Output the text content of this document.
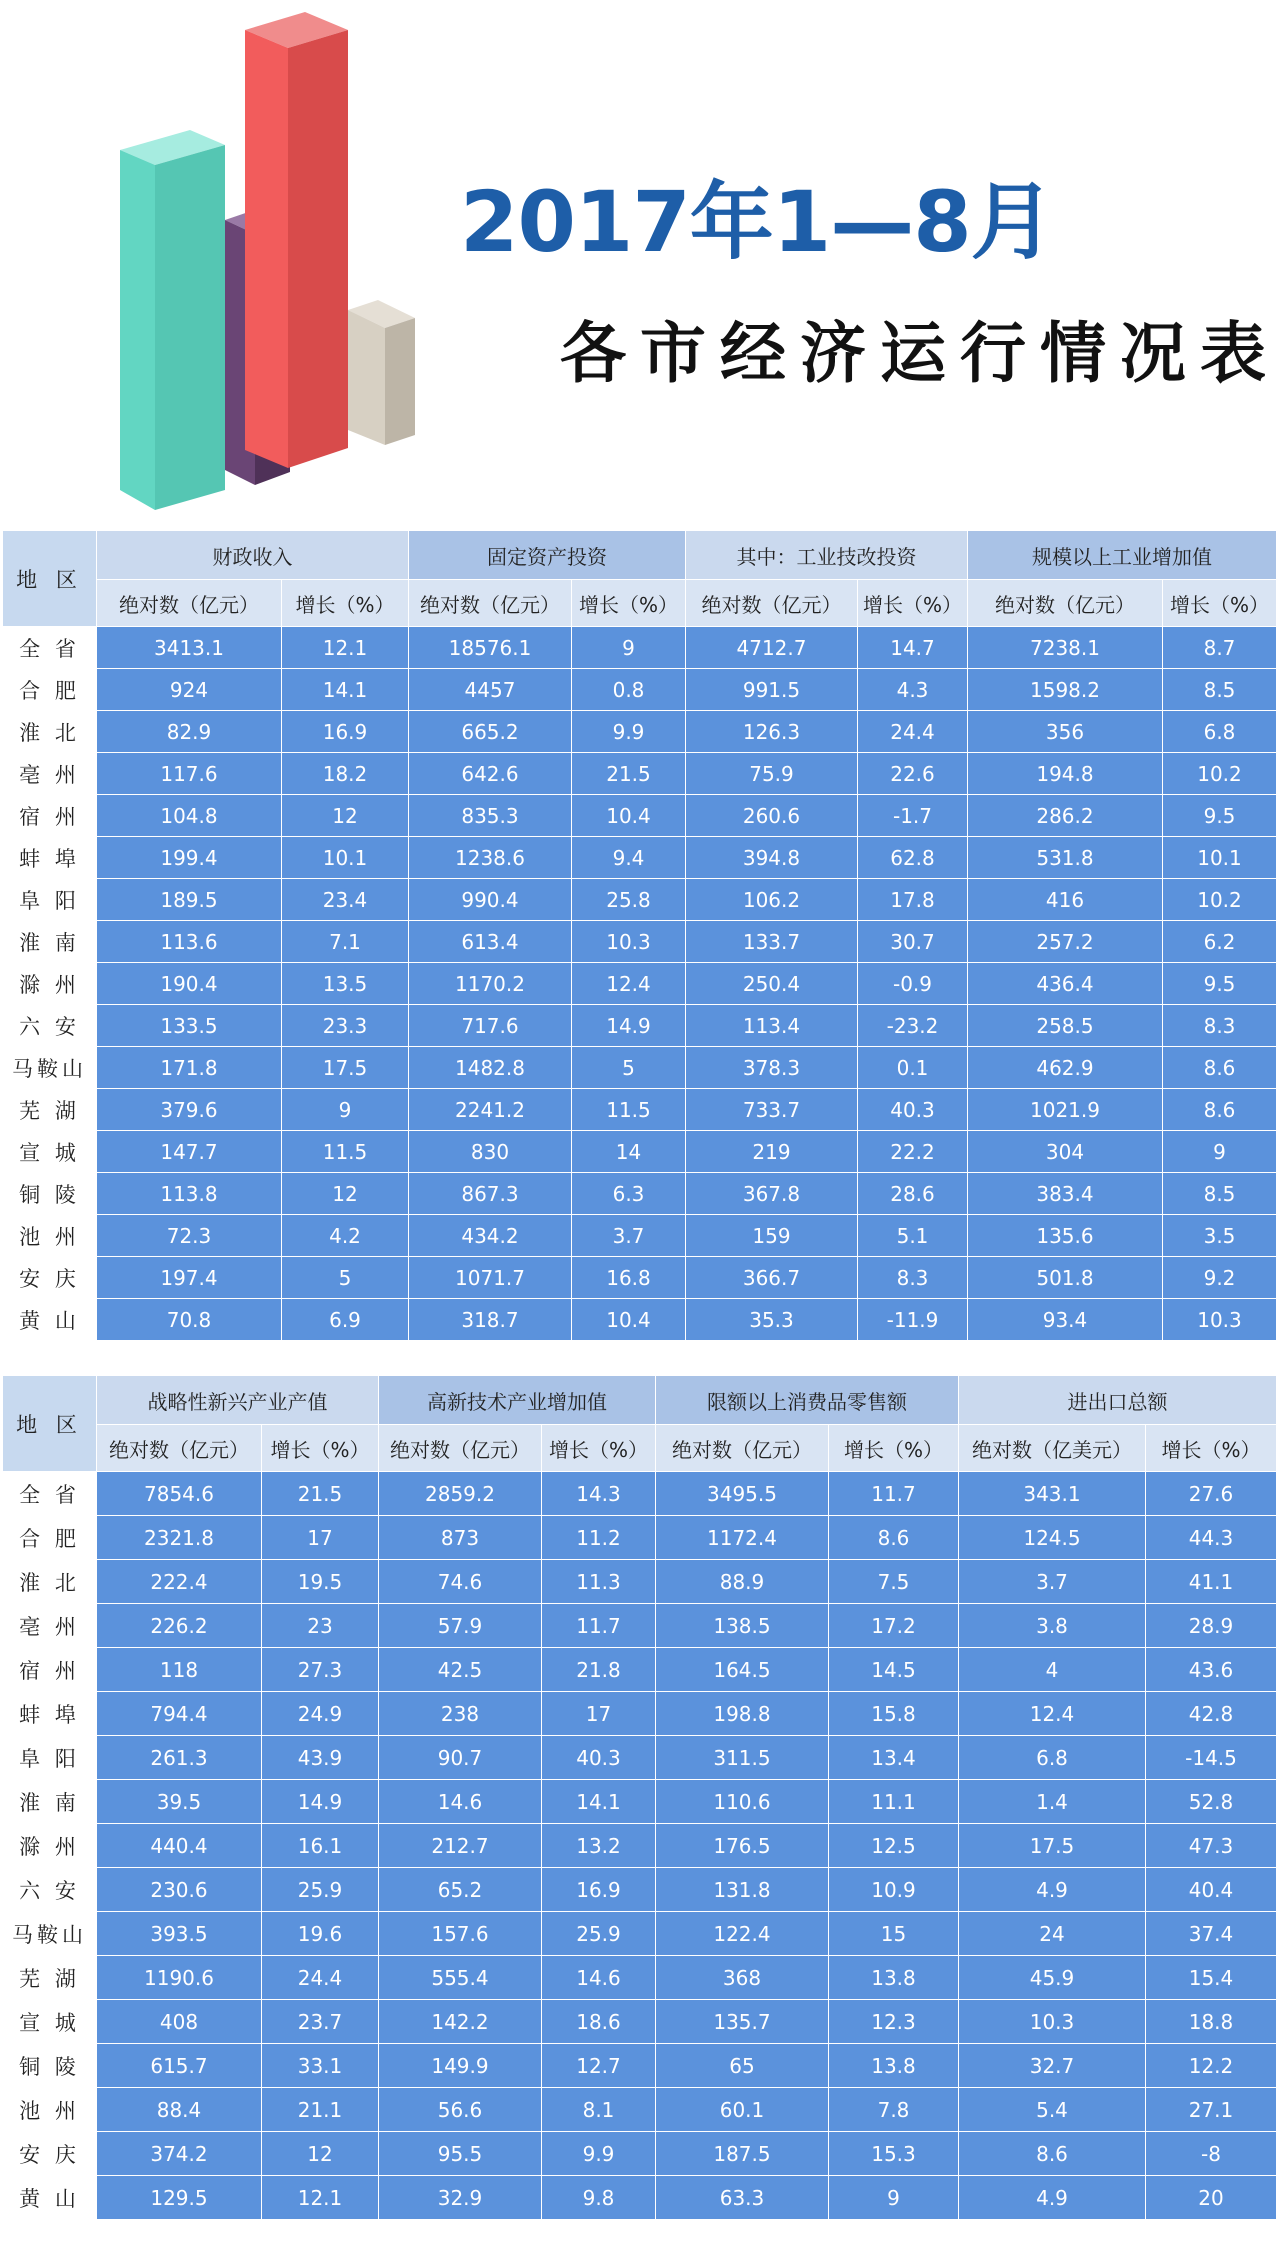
2017年1—8月
各市经济运行情况表
地 区	财政收入		固定资产投资		其中：工业技改投资		规模以上工业增加值	
	绝对数（亿元）	增长（%）	绝对数（亿元）	增长（%）	绝对数（亿元）	增长（%）	绝对数（亿元）	增长（%）
全 省	3413.1	12.1	18576.1	9	4712.7	14.7	7238.1	8.7
合 肥	924	14.1	4457	0.8	991.5	4.3	1598.2	8.5
淮 北	82.9	16.9	665.2	9.9	126.3	24.4	356	6.8
亳 州	117.6	18.2	642.6	21.5	75.9	22.6	194.8	10.2
宿 州	104.8	12	835.3	10.4	260.6	-1.7	286.2	9.5
蚌 埠	199.4	10.1	1238.6	9.4	394.8	62.8	531.8	10.1
阜 阳	189.5	23.4	990.4	25.8	106.2	17.8	416	10.2
淮 南	113.6	7.1	613.4	10.3	133.7	30.7	257.2	6.2
滁 州	190.4	13.5	1170.2	12.4	250.4	-0.9	436.4	9.5
六 安	133.5	23.3	717.6	14.9	113.4	-23.2	258.5	8.3
马鞍山	171.8	17.5	1482.8	5	378.3	0.1	462.9	8.6
芜 湖	379.6	9	2241.2	11.5	733.7	40.3	1021.9	8.6
宣 城	147.7	11.5	830	14	219	22.2	304	9
铜 陵	113.8	12	867.3	6.3	367.8	28.6	383.4	8.5
池 州	72.3	4.2	434.2	3.7	159	5.1	135.6	3.5
安 庆	197.4	5	1071.7	16.8	366.7	8.3	501.8	9.2
黄 山	70.8	6.9	318.7	10.4	35.3	-11.9	93.4	10.3
地 区	战略性新兴产业产值		高新技术产业增加值		限额以上消费品零售额		进出口总额	
	绝对数（亿元）	增长（%）	绝对数（亿元）	增长（%）	绝对数（亿元）	增长（%）	绝对数（亿美元）	增长（%）
全 省	7854.6	21.5	2859.2	14.3	3495.5	11.7	343.1	27.6
合 肥	2321.8	17	873	11.2	1172.4	8.6	124.5	44.3
淮 北	222.4	19.5	74.6	11.3	88.9	7.5	3.7	41.1
亳 州	226.2	23	57.9	11.7	138.5	17.2	3.8	28.9
宿 州	118	27.3	42.5	21.8	164.5	14.5	4	43.6
蚌 埠	794.4	24.9	238	17	198.8	15.8	12.4	42.8
阜 阳	261.3	43.9	90.7	40.3	311.5	13.4	6.8	-14.5
淮 南	39.5	14.9	14.6	14.1	110.6	11.1	1.4	52.8
滁 州	440.4	16.1	212.7	13.2	176.5	12.5	17.5	47.3
六 安	230.6	25.9	65.2	16.9	131.8	10.9	4.9	40.4
马鞍山	393.5	19.6	157.6	25.9	122.4	15	24	37.4
芜 湖	1190.6	24.4	555.4	14.6	368	13.8	45.9	15.4
宣 城	408	23.7	142.2	18.6	135.7	12.3	10.3	18.8
铜 陵	615.7	33.1	149.9	12.7	65	13.8	32.7	12.2
池 州	88.4	21.1	56.6	8.1	60.1	7.8	5.4	27.1
安 庆	374.2	12	95.5	9.9	187.5	15.3	8.6	-8
黄 山	129.5	12.1	32.9	9.8	63.3	9	4.9	20
